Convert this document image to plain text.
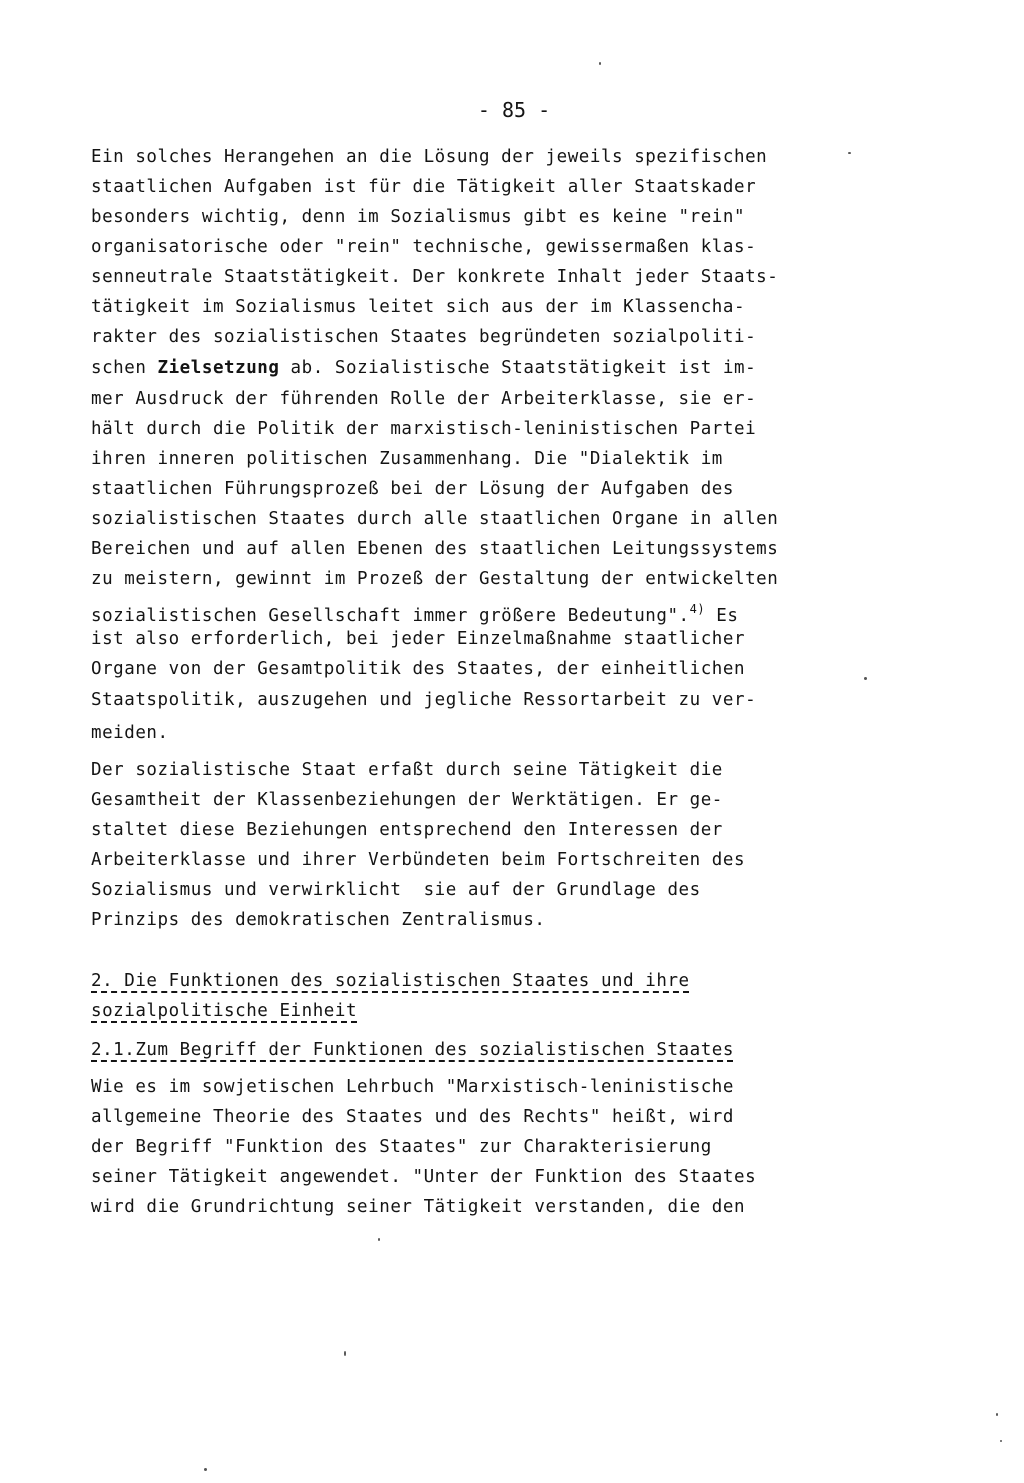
- 85 -
Ein solches Herangehen an die Lösung der jeweils spezifischen
staatlichen Aufgaben ist für die Tätigkeit aller Staatskader
besonders wichtig, denn im Sozialismus gibt es keine "rein"
organisatorische oder "rein" technische, gewissermaßen klas-
senneutrale Staatstätigkeit. Der konkrete Inhalt jeder Staats-
tätigkeit im Sozialismus leitet sich aus der im Klassencha-
rakter des sozialistischen Staates begründeten sozialpoliti-
schen Zielsetzung ab. Sozialistische Staatstätigkeit ist im-
mer Ausdruck der führenden Rolle der Arbeiterklasse, sie er-
hält durch die Politik der marxistisch-leninistischen Partei
ihren inneren politischen Zusammenhang. Die "Dialektik im
staatlichen Führungsprozeß bei der Lösung der Aufgaben des
sozialistischen Staates durch alle staatlichen Organe in allen
Bereichen und auf allen Ebenen des staatlichen Leitungssystems
zu meistern, gewinnt im Prozeß der Gestaltung der entwickelten
sozialistischen Gesellschaft immer größere Bedeutung".$^{4)}$ Es
ist also erforderlich, bei jeder Einzelmaßnahme staatlicher
Organe von der Gesamtpolitik des Staates, der einheitlichen
Staatspolitik, auszugehen und jegliche Ressortarbeit zu ver-
meiden.
Der sozialistische Staat erfaßt durch seine Tätigkeit die
Gesamtheit der Klassenbeziehungen der Werktätigen. Er ge-
staltet diese Beziehungen entsprechend den Interessen der
Arbeiterklasse und ihrer Verbündeten beim Fortschreiten des
Sozialismus und verwirklicht  sie auf der Grundlage des
Prinzips des demokratischen Zentralismus.
2. Die Funktionen des sozialistischen Staates und ihre
sozialpolitische Einheit
2.1.Zum Begriff der Funktionen des sozialistischen Staates
Wie es im sowjetischen Lehrbuch "Marxistisch-leninistische
allgemeine Theorie des Staates und des Rechts" heißt, wird
der Begriff "Funktion des Staates" zur Charakterisierung
seiner Tätigkeit angewendet. "Unter der Funktion des Staates
wird die Grundrichtung seiner Tätigkeit verstanden, die den
